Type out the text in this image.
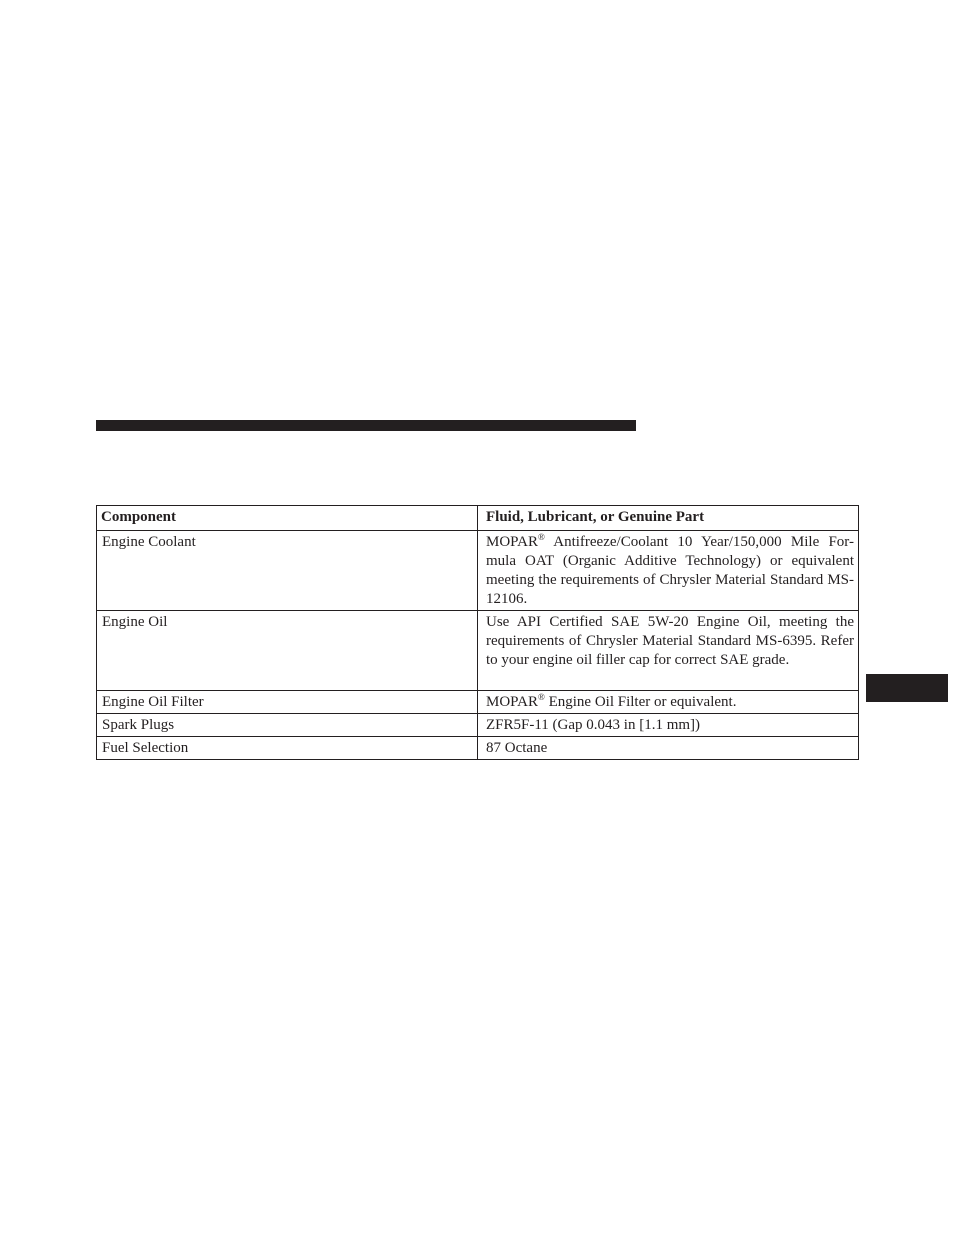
Component	Fluid, Lubricant, or Genuine Part
Engine Coolant	MOPAR® Antifreeze/Coolant 10 Year/150,000 Mile For-mula OAT (Organic Additive Technology) or equivalent meeting the requirements of Chrysler Material Standard MS-12106.
Engine Oil	Use API Certified SAE 5W-20 Engine Oil, meeting the requirements of Chrysler Material Standard MS-6395. Refer to your engine oil filler cap for correct SAE grade.
Engine Oil Filter	MOPAR® Engine Oil Filter or equivalent.
Spark Plugs	ZFR5F-11 (Gap 0.043 in [1.1 mm])
Fuel Selection	87 Octane
